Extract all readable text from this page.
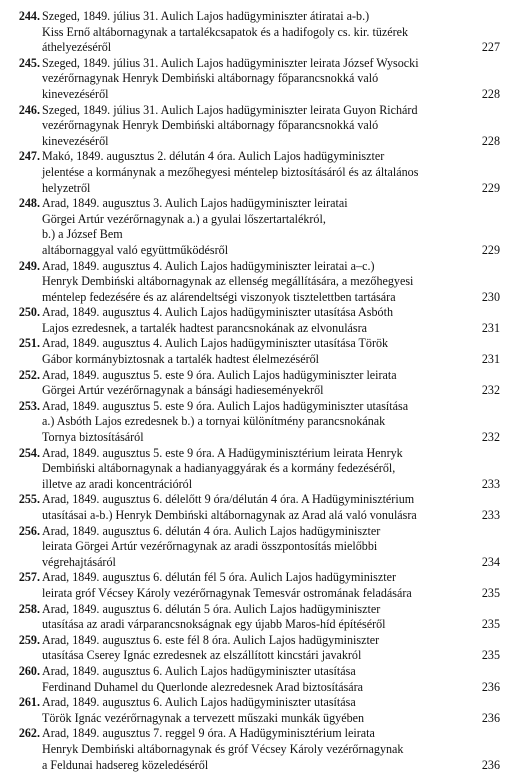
244. Szeged, 1849. július 31. Aulich Lajos hadügyminiszter átiratai a-b.)
Kiss Ernő altábornagynak a tartalékcsapatok és a hadifogoly cs. kir. tüzérek
áthelyezéséről	227
245. Szeged, 1849. július 31. Aulich Lajos hadügyminiszter leirata József Wysocki
vezérőrnagynak Henryk Dembiński altábornagy főparancsnokká való
kinevezéséről	228
246. Szeged, 1849. július 31. Aulich Lajos hadügyminiszter leirata Guyon Richárd
vezérőrnagynak Henryk Dembiński altábornagy főparancsnokká való
kinevezéséről	228
247. Makó, 1849. augusztus 2. délután 4 óra. Aulich Lajos hadügyminiszter
jelentése a kormánynak a mezőhegyesi méntelep biztosításáról és az általános
helyzetről	229
248. Arad, 1849. augusztus 3. Aulich Lajos hadügyminiszter leiratai
Görgei Artúr vezérőrnagynak a.) a gyulai lőszertartalékról,
b.) a József Bem
altábornaggyal való együttműködésről	229
249. Arad, 1849. augusztus 4. Aulich Lajos hadügyminiszter leiratai a–c.)
Henryk Dembiński altábornagynak az ellenség megállítására, a mezőhegyesi
méntelep fedezésére és az alárendeltségi viszonyok tisztelettben tartására	230
250. Arad, 1849. augusztus 4. Aulich Lajos hadügyminiszter utasítása Asbóth
Lajos ezredesnek, a tartalék hadtest parancsnokának az elvonulásra	231
251. Arad, 1849. augusztus 4. Aulich Lajos hadügyminiszter utasítása Török
Gábor kormánybiztosnak a tartalék hadtest élelmezéséről	231
252. Arad, 1849. augusztus 5. este 9 óra. Aulich Lajos hadügyminiszter leirata
Görgei Artúr vezérőrnagynak a bánsági hadieseményekről	232
253. Arad, 1849. augusztus 5. este 9 óra. Aulich Lajos hadügyminiszter utasítása
a.) Asbóth Lajos ezredesnek b.) a tornyai különítmény parancsnokának
Tornya biztosításáról	232
254. Arad, 1849. augusztus 5. este 9 óra. A Hadügyminisztérium leirata Henryk
Dembiński altábornagynak a hadianyaggyárak és a kormány fedezéséről,
illetve az aradi koncentrációról	233
255. Arad, 1849. augusztus 6. délelőtt 9 óra/délután 4 óra. A Hadügyminisztérium
utasításai a-b.) Henryk Dembiński altábornagynak az Arad alá való vonulásra	233
256. Arad, 1849. augusztus 6. délután 4 óra. Aulich Lajos hadügyminiszter
leirata Görgei Artúr vezérőrnagynak az aradi összpontosítás mielőbbi
végrehajtásáról	234
257. Arad, 1849. augusztus 6. délután fél 5 óra. Aulich Lajos hadügyminiszter
leirata gróf Vécsey Károly vezérőrnagynak Temesvár ostromának feladására	235
258. Arad, 1849. augusztus 6. délután 5 óra. Aulich Lajos hadügyminiszter
utasítása az aradi várparancsnokságnak egy újabb Maros-híd építéséről	235
259. Arad, 1849. augusztus 6. este fél 8 óra. Aulich Lajos hadügyminiszter
utasítása Cserey Ignác ezredesnek az elszállított kincstári javakról	235
260. Arad, 1849. augusztus 6. Aulich Lajos hadügyminiszter utasítása
Ferdinand Duhamel du Querlonde alezredesnek Arad biztosítására	236
261. Arad, 1849. augusztus 6. Aulich Lajos hadügyminiszter utasítása
Török Ignác vezérőrnagynak a tervezett műszaki munkák ügyében	236
262. Arad, 1849. augusztus 7. reggel 9 óra. A Hadügyminisztérium leirata
Henryk Dembiński altábornagynak és gróf Vécsey Károly vezérőrnagynak
a Feldunai hadsereg közeledéséről	236
